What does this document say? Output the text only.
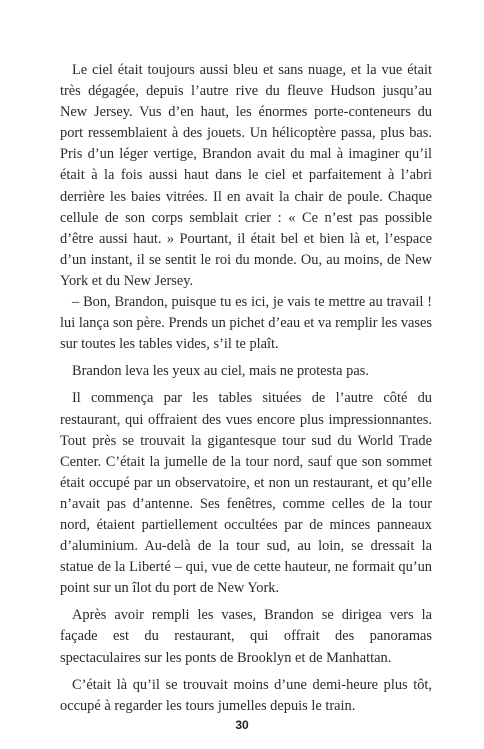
Le ciel était toujours aussi bleu et sans nuage, et la vue était très dégagée, depuis l’autre rive du fleuve Hudson jusqu’au New Jersey. Vus d’en haut, les énormes porte-conteneurs du port ressemblaient à des jouets. Un hélicoptère passa, plus bas. Pris d’un léger vertige, Brandon avait du mal à imaginer qu’il était à la fois aussi haut dans le ciel et parfaitement à l’abri derrière les baies vitrées. Il en avait la chair de poule. Chaque cellule de son corps semblait crier : « Ce n’est pas possible d’être aussi haut. » Pourtant, il était bel et bien là et, l’espace d’un instant, il se sentit le roi du monde. Ou, au moins, de New York et du New Jersey.

– Bon, Brandon, puisque tu es ici, je vais te mettre au travail ! lui lança son père. Prends un pichet d’eau et va remplir les vases sur toutes les tables vides, s’il te plaît.

Brandon leva les yeux au ciel, mais ne protesta pas.

Il commença par les tables situées de l’autre côté du restaurant, qui offraient des vues encore plus impressionnantes. Tout près se trouvait la gigantesque tour sud du World Trade Center. C’était la jumelle de la tour nord, sauf que son sommet était occupé par un observatoire, et non un restaurant, et qu’elle n’avait pas d’antenne. Ses fenêtres, comme celles de la tour nord, étaient partiellement occultées par de minces panneaux d’aluminium. Au-delà de la tour sud, au loin, se dressait la statue de la Liberté – qui, vue de cette hauteur, ne formait qu’un point sur un îlot du port de New York.

Après avoir rempli les vases, Brandon se dirigea vers la façade est du restaurant, qui offrait des panoramas spectaculaires sur les ponts de Brooklyn et de Manhattan.

C’était là qu’il se trouvait moins d’une demi-heure plus tôt, occupé à regarder les tours jumelles depuis le train.

30
